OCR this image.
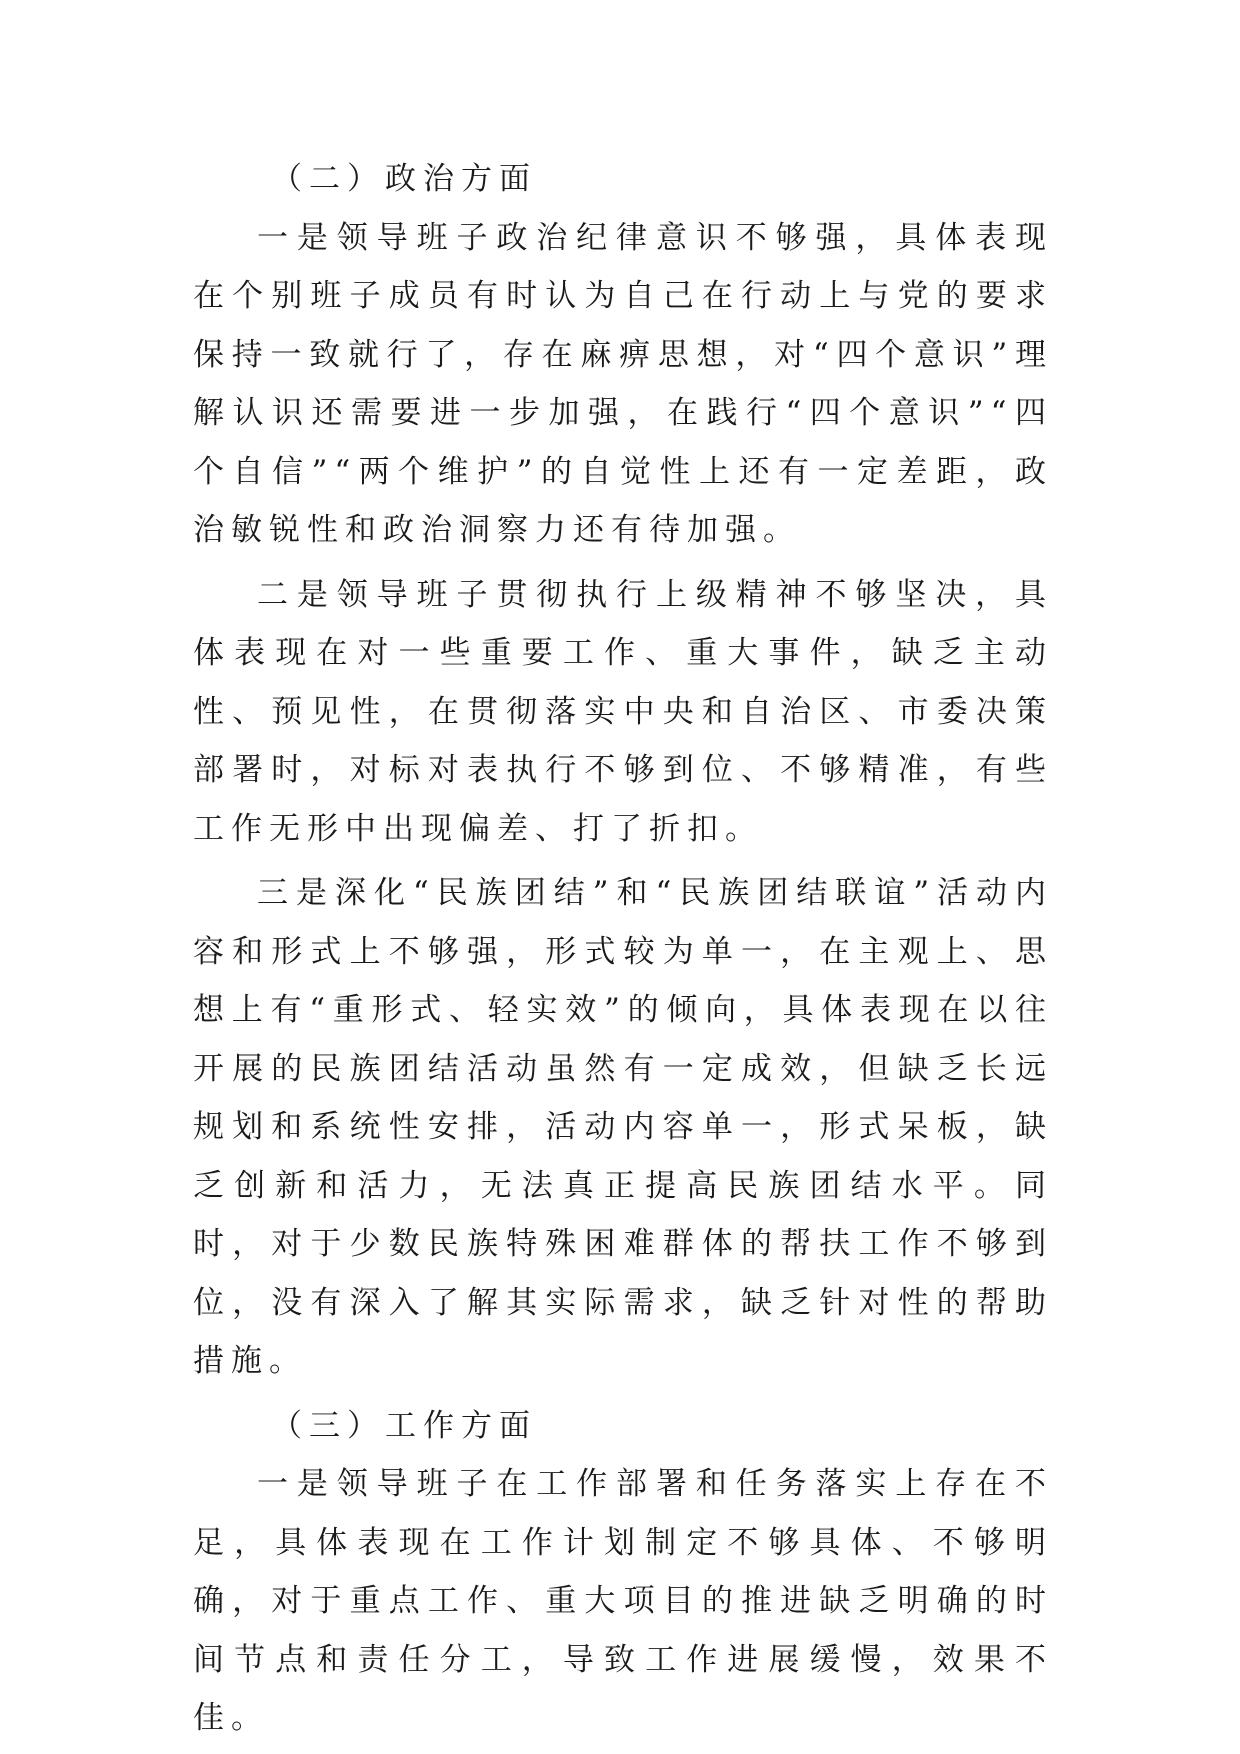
（二）政治方面

一是领导班子政治纪律意识不够强，具体表现在个别班子成员有时认为自己在行动上与党的要求保持一致就行了，存在麻痹思想，对“四个意识”理解认识还需要进一步加强，在践行“四个意识”“四个自信”“两个维护”的自觉性上还有一定差距，政治敏锐性和政治洞察力还有待加强。

二是领导班子贯彻执行上级精神不够坚决，具体表现在对一些重要工作、重大事件，缺乏主动性、预见性，在贯彻落实中央和自治区、市委决策部署时，对标对表执行不够到位、不够精准，有些工作无形中出现偏差、打了折扣。

三是深化“民族团结”和“民族团结联谊”活动内容和形式上不够强，形式较为单一，在主观上、思想上有“重形式、轻实效”的倾向，具体表现在以往开展的民族团结活动虽然有一定成效，但缺乏长远规划和系统性安排，活动内容单一，形式呆板，缺乏创新和活力，无法真正提高民族团结水平。同时，对于少数民族特殊困难群体的帮扶工作不够到位，没有深入了解其实际需求，缺乏针对性的帮助措施。

（三）工作方面

一是领导班子在工作部署和任务落实上存在不足，具体表现在工作计划制定不够具体、不够明确，对于重点工作、重大项目的推进缺乏明确的时间节点和责任分工，导致工作进展缓慢，效果不佳。
